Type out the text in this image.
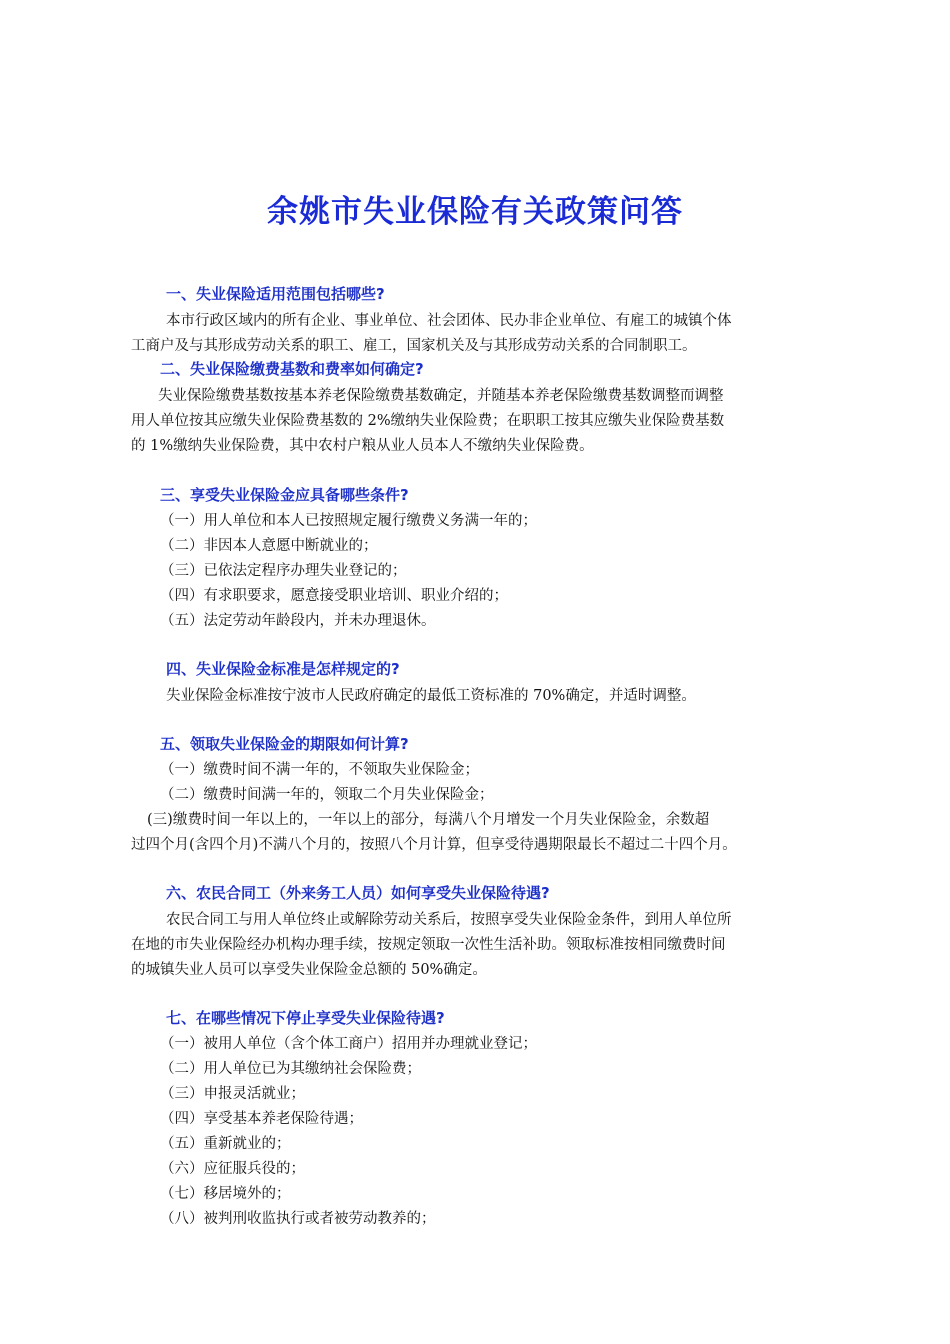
余姚市失业保险有关政策问答
一、失业保险适用范围包括哪些?
本市行政区域内的所有企业、事业单位、社会团体、民办非企业单位、有雇工的城镇个体
工商户及与其形成劳动关系的职工、雇工，国家机关及与其形成劳动关系的合同制职工。
二、失业保险缴费基数和费率如何确定?
失业保险缴费基数按基本养老保险缴费基数确定，并随基本养老保险缴费基数调整而调整
用人单位按其应缴失业保险费基数的 2%缴纳失业保险费；在职职工按其应缴失业保险费基数
的 1%缴纳失业保险费，其中农村户粮从业人员本人不缴纳失业保险费。
三、享受失业保险金应具备哪些条件?
（一）用人单位和本人已按照规定履行缴费义务满一年的；
（二）非因本人意愿中断就业的；
（三）已依法定程序办理失业登记的；
（四）有求职要求，愿意接受职业培训、职业介绍的；
（五）法定劳动年龄段内，并未办理退休。
四、失业保险金标准是怎样规定的?
失业保险金标准按宁波市人民政府确定的最低工资标准的 70%确定，并适时调整。
五、领取失业保险金的期限如何计算?
（一）缴费时间不满一年的，不领取失业保险金；
（二）缴费时间满一年的，领取二个月失业保险金；
(三)缴费时间一年以上的，一年以上的部分，每满八个月增发一个月失业保险金，余数超
过四个月(含四个月)不满八个月的，按照八个月计算，但享受待遇期限最长不超过二十四个月。
六、农民合同工（外来务工人员）如何享受失业保险待遇?
农民合同工与用人单位终止或解除劳动关系后，按照享受失业保险金条件，到用人单位所
在地的市失业保险经办机构办理手续，按规定领取一次性生活补助。领取标准按相同缴费时间
的城镇失业人员可以享受失业保险金总额的 50%确定。
七、在哪些情况下停止享受失业保险待遇?
（一）被用人单位（含个体工商户）招用并办理就业登记；
（二）用人单位已为其缴纳社会保险费；
（三）申报灵活就业；
（四）享受基本养老保险待遇；
（五）重新就业的；
（六）应征服兵役的；
（七）移居境外的；
（八）被判刑收监执行或者被劳动教养的；
